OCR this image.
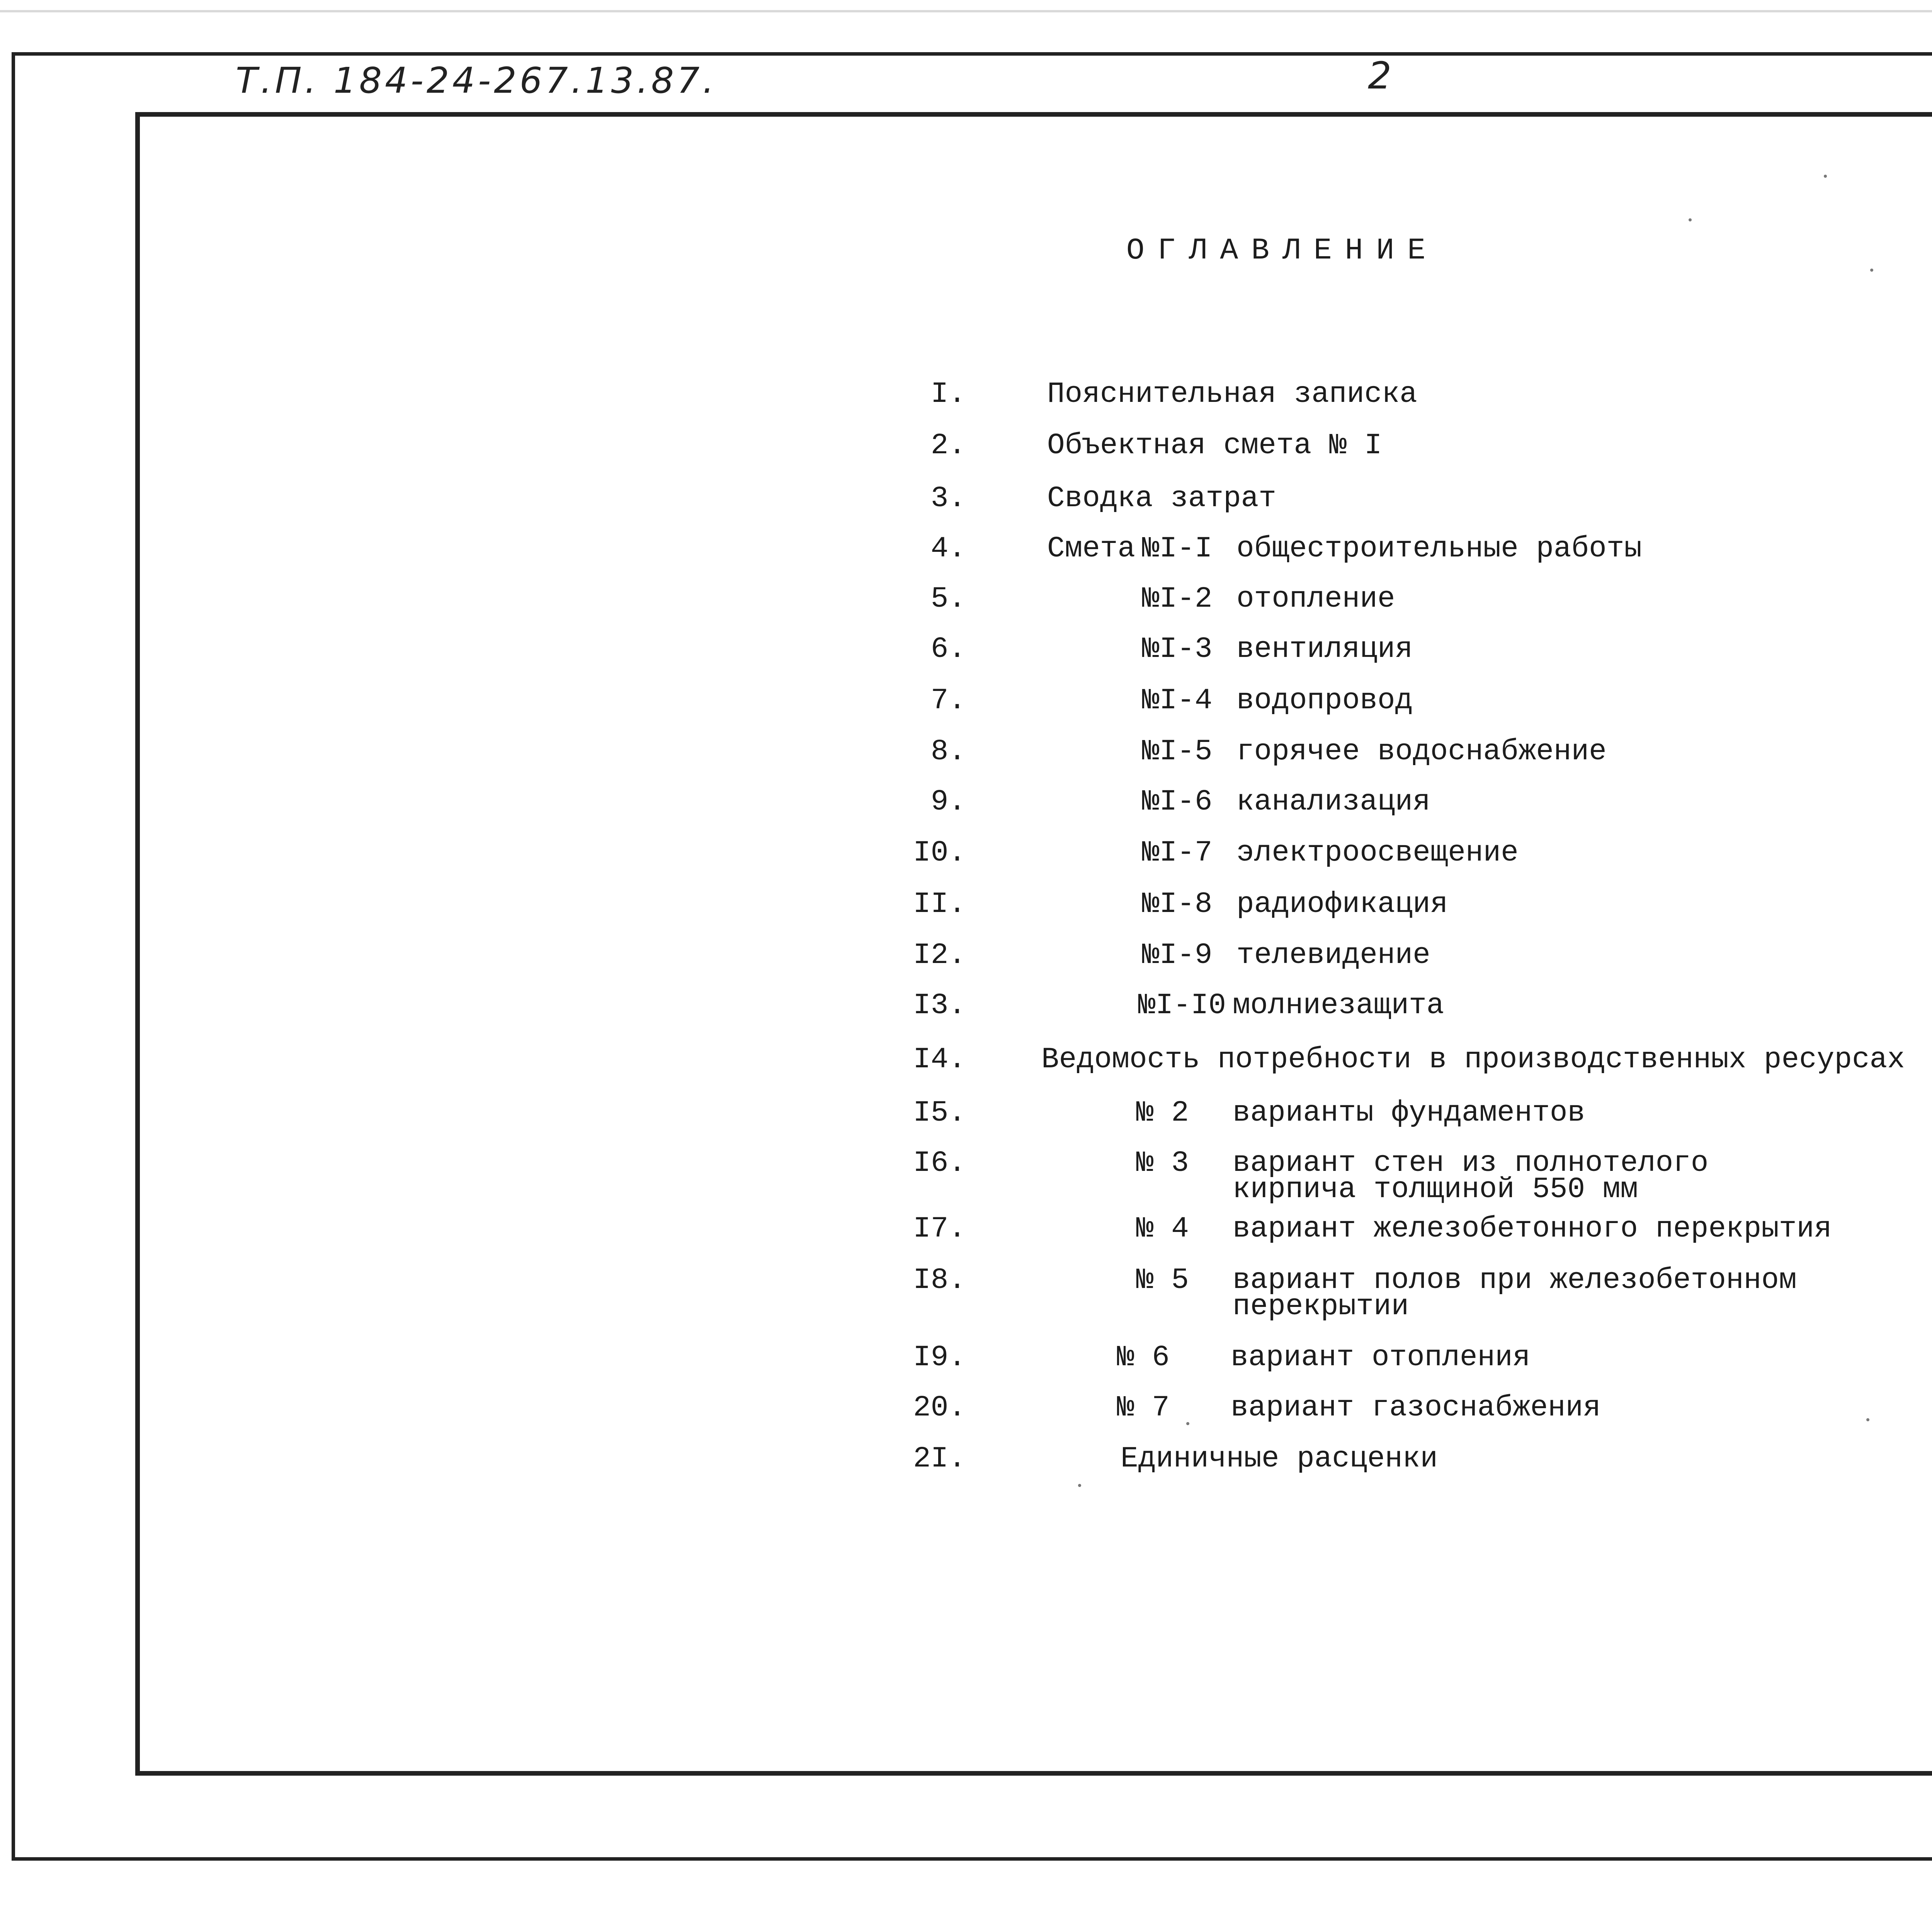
Т.П. 184-24-267.13.87.	2
ОГЛАВЛЕНИЕ
I.	Пояснительная записка
2.	Объектная смета № I
3.	Сводка затрат
4.	Смета №I-I общестроительные работы
5.	№I-2 отопление
6.	№I-3 вентиляция
7.	№I-4 водопровод
8.	№I-5 горячее водоснабжение
9.	№I-6 канализация
I0.	№I-7 электроосвещение
II.	№I-8 радиофикация
I2.	№I-9 телевидение
I3.	№I-I0 молниезащита
I4.	Ведомость потребности в производственных ресурсах
I5.	№ 2 варианты фундаментов
I6.	№ 3 вариант стен из полнотелого
кирпича толщиной 550 мм
I7.	№ 4 вариант железобетонного перекрытия
I8.	№ 5 вариант полов при железобетонном
перекрытии
I9.	№ 6 вариант отопления
20.	№ 7 вариант газоснабжения
2I.	Единичные расценки
